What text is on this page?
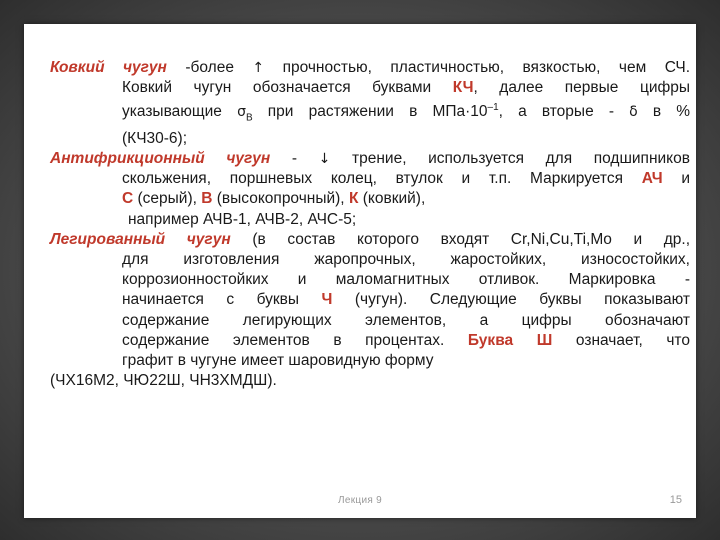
Ковкий чугун -более ↑ прочностью, пластичностью, вязкостью, чем СЧ.
Ковкий чугун обозначается буквами КЧ, далее первые цифры
указывающие $\sigma_В$ при растяжении в $МПа\cdot 10^{-1}$, а вторые - δ в %
(КЧ30-6);
Антифрикционный чугун - ↓ трение, используется для подшипников
скольжения, поршневых колец, втулок и т.п. Маркируется АЧ и
С (серый), В (высокопрочный), К (ковкий),
например АЧВ-1, АЧВ-2, АЧС-5;
Легированный чугун (в состав которого входят Cr,Ni,Cu,Ti,Mo и др.,
для изготовления жаропрочных, жаростойких, износостойких,
коррозионностойких и маломагнитных отливок. Маркировка -
начинается с буквы Ч (чугун). Следующие буквы показывают
содержание легирующих элементов, а цифры обозначают
содержание элементов в процентах. Буква Ш означает, что
графит в чугуне имеет шаровидную форму
(ЧХ16М2, ЧЮ22Ш, ЧН3ХМДШ).
Лекция 9	15
